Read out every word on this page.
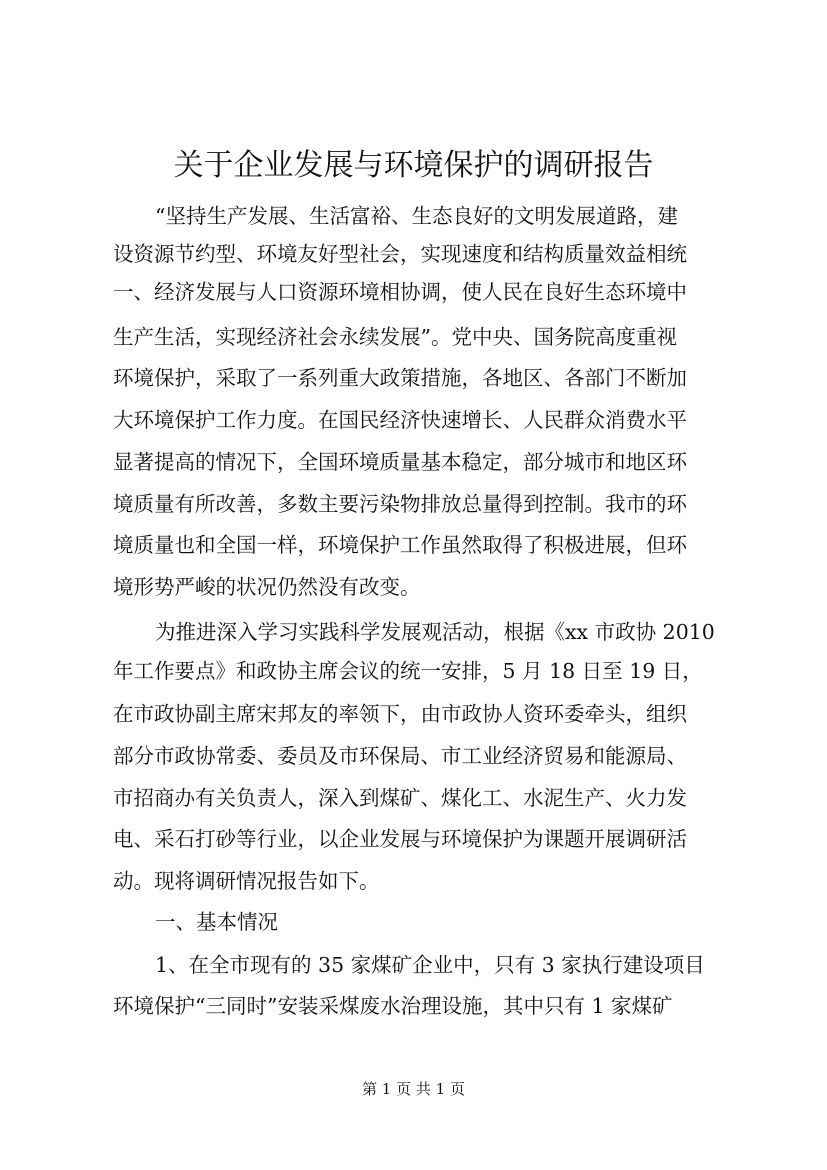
关于企业发展与环境保护的调研报告
“坚持生产发展、生活富裕、生态良好的文明发展道路，建
设资源节约型、环境友好型社会，实现速度和结构质量效益相统
一、经济发展与人口资源环境相协调，使人民在良好生态环境中
生产生活，实现经济社会永续发展”。党中央、国务院高度重视
环境保护，采取了一系列重大政策措施，各地区、各部门不断加
大环境保护工作力度。在国民经济快速增长、人民群众消费水平
显著提高的情况下，全国环境质量基本稳定，部分城市和地区环
境质量有所改善，多数主要污染物排放总量得到控制。我市的环
境质量也和全国一样，环境保护工作虽然取得了积极进展，但环
境形势严峻的状况仍然没有改变。
为推进深入学习实践科学发展观活动，根据《xx 市政协 2010
年工作要点》和政协主席会议的统一安排，5 月 18 日至 19 日，
在市政协副主席宋邦友的率领下，由市政协人资环委牵头，组织
部分市政协常委、委员及市环保局、市工业经济贸易和能源局、
市招商办有关负责人，深入到煤矿、煤化工、水泥生产、火力发
电、采石打砂等行业，以企业发展与环境保护为课题开展调研活
动。现将调研情况报告如下。
一、基本情况
1、在全市现有的 35 家煤矿企业中，只有 3 家执行建设项目
环境保护“三同时”安装采煤废水治理设施，其中只有 1 家煤矿
第 1 页 共 1 页
